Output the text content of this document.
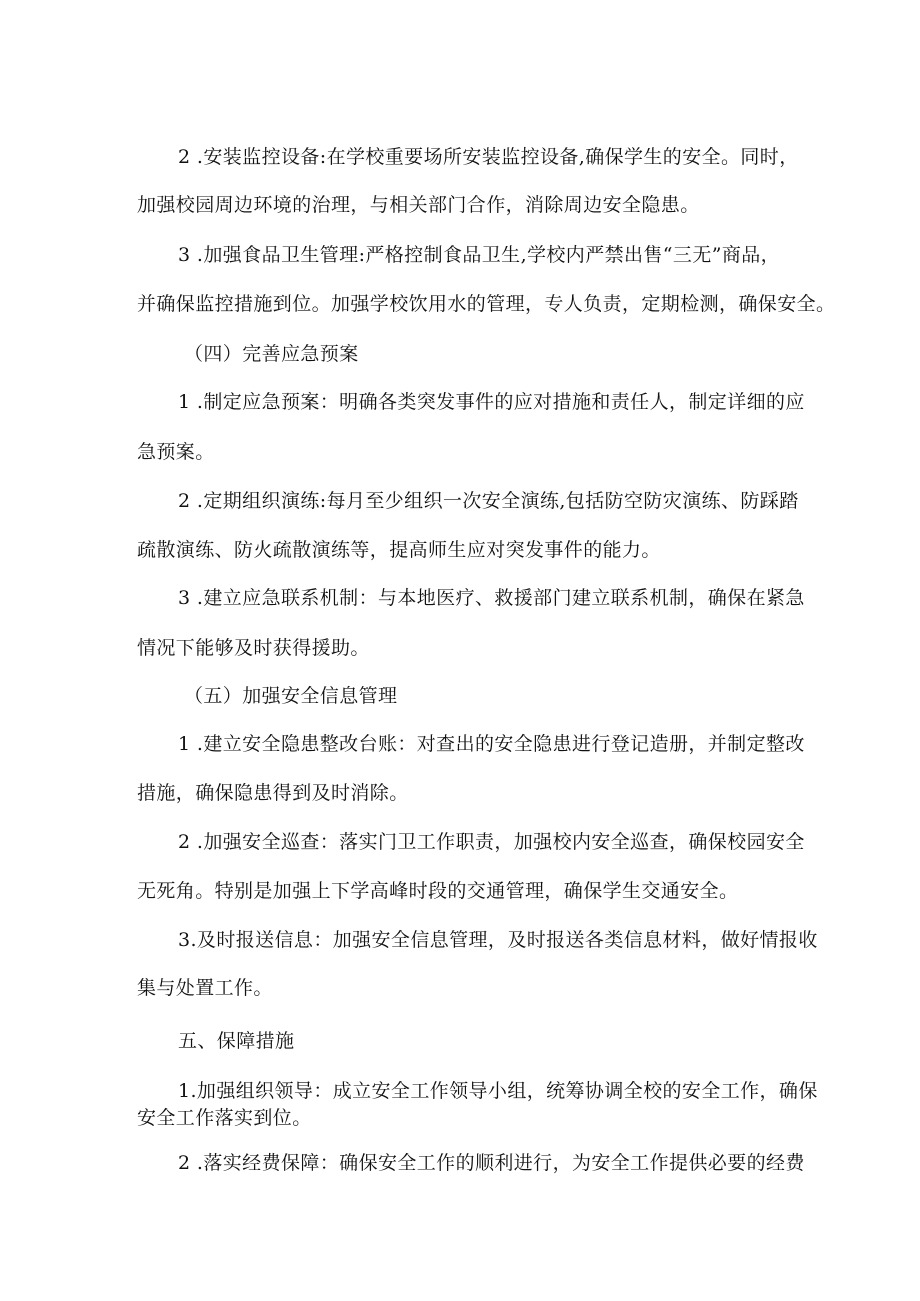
2 .安装监控设备:在学校重要场所安装监控设备,确保学生的安全。同时，
加强校园周边环境的治理，与相关部门合作，消除周边安全隐患。
3 .加强食品卫生管理:严格控制食品卫生,学校内严禁出售“三无”商品，
并确保监控措施到位。加强学校饮用水的管理，专人负责，定期检测，确保安全。
（四）完善应急预案
1 .制定应急预案：明确各类突发事件的应对措施和责任人，制定详细的应
急预案。
2 .定期组织演练:每月至少组织一次安全演练,包括防空防灾演练、防踩踏
疏散演练、防火疏散演练等，提高师生应对突发事件的能力。
3 .建立应急联系机制：与本地医疗、救援部门建立联系机制，确保在紧急
情况下能够及时获得援助。
（五）加强安全信息管理
1 .建立安全隐患整改台账：对查出的安全隐患进行登记造册，并制定整改
措施，确保隐患得到及时消除。
2 .加强安全巡查：落实门卫工作职责，加强校内安全巡查，确保校园安全
无死角。特别是加强上下学高峰时段的交通管理，确保学生交通安全。
3.及时报送信息：加强安全信息管理，及时报送各类信息材料，做好情报收
集与处置工作。
五、保障措施
1.加强组织领导：成立安全工作领导小组，统筹协调全校的安全工作，确保
安全工作落实到位。
2 .落实经费保障：确保安全工作的顺利进行，为安全工作提供必要的经费
